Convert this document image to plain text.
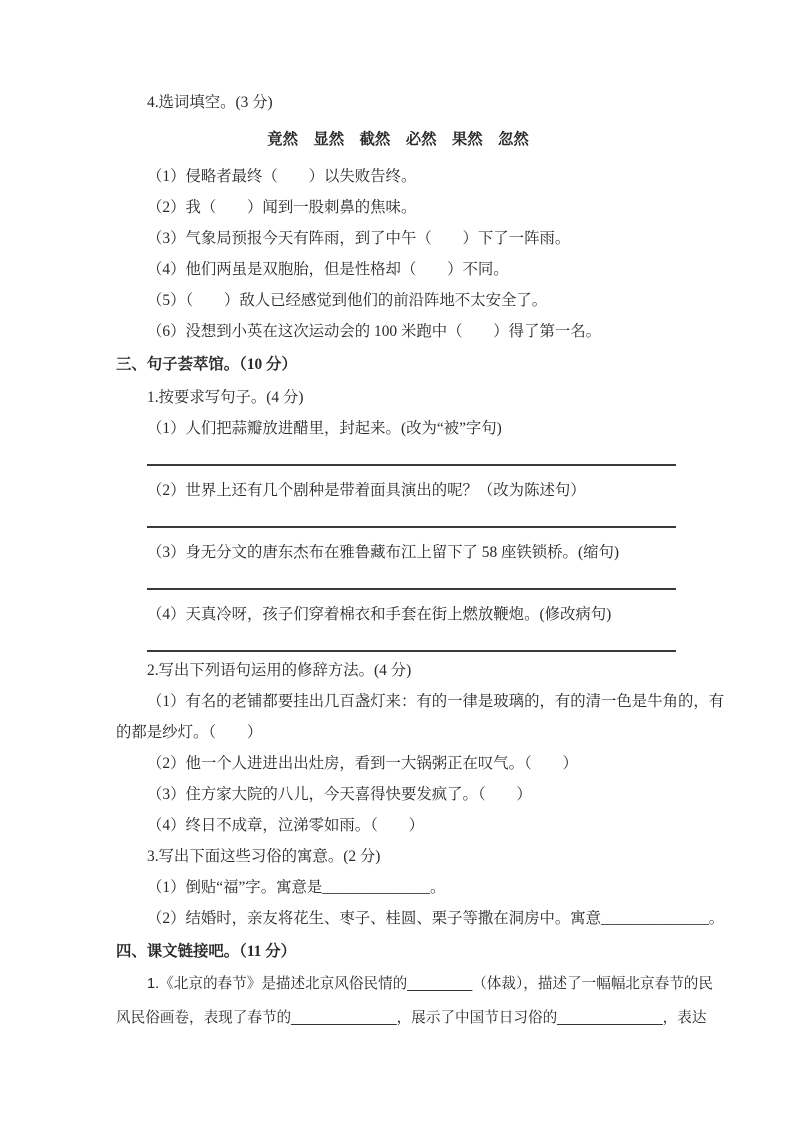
4.选词填空。(3 分)
竟然　显然　截然　必然　果然　忽然
（1）侵略者最终（　　）以失败告终。
（2）我（　　）闻到一股刺鼻的焦味。
（3）气象局预报今天有阵雨，到了中午（　　）下了一阵雨。
（4）他们两虽是双胞胎，但是性格却（　　）不同。
（5）（　　）敌人已经感觉到他们的前沿阵地不太安全了。
（6）没想到小英在这次运动会的 100 米跑中（　　）得了第一名。
三、句子荟萃馆。（10 分）
1.按要求写句子。(4 分)
（1）人们把蒜瓣放进醋里，封起来。(改为“被”字句)
（2）世界上还有几个剧种是带着面具演出的呢？（改为陈述句）
（3）身无分文的唐东杰布在雅鲁藏布江上留下了 58 座铁锁桥。(缩句)
（4）天真冷呀，孩子们穿着棉衣和手套在街上燃放鞭炮。(修改病句)
2.写出下列语句运用的修辞方法。(4 分)
（1）有名的老铺都要挂出几百盏灯来：有的一律是玻璃的，有的清一色是牛角的，有
的都是纱灯。（　　）
（2）他一个人进进出出灶房，看到一大锅粥正在叹气。（　　）
（3）住方家大院的八儿，今天喜得快要发疯了。（　　）
（4）终日不成章，泣涕零如雨。（　　）
3.写出下面这些习俗的寓意。(2 分)
（1）倒贴“福”字。寓意是______________。
（2）结婚时，亲友将花生、枣子、桂圆、栗子等撒在洞房中。寓意______________。
四、课文链接吧。（11 分）
1.《北京的春节》是描述北京风俗民情的________（体裁），描述了一幅幅北京春节的民
风民俗画卷，表现了春节的_____________，展示了中国节日习俗的_____________，表达
